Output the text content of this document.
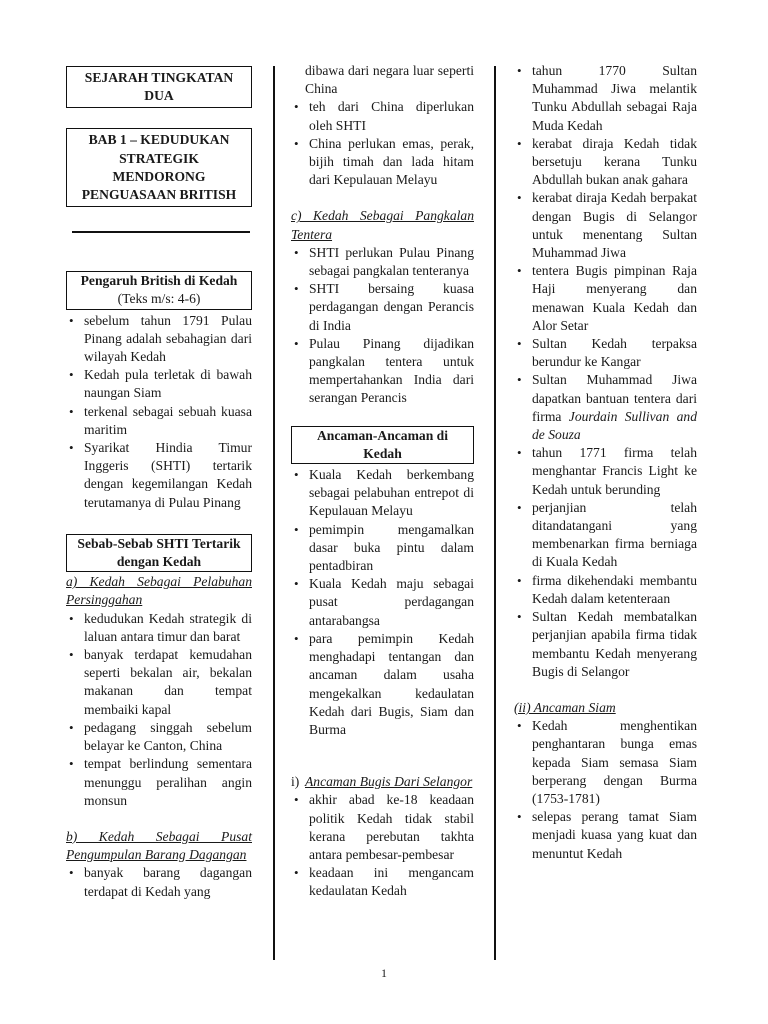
SEJARAH TINGKATAN DUA
BAB 1 – KEDUDUKAN STRATEGIK MENDORONG PENGUASAAN BRITISH
Pengaruh British di Kedah
(Teks m/s: 4-6)
• sebelum tahun 1791 Pulau Pinang adalah sebahagian dari wilayah Kedah
• Kedah pula terletak di bawah naungan Siam
• terkenal sebagai sebuah kuasa maritim
• Syarikat Hindia Timur Inggeris (SHTI) tertarik dengan kegemilangan Kedah terutamanya di Pulau Pinang
Sebab-Sebab SHTI Tertarik dengan Kedah
a) Kedah Sebagai Pelabuhan Persinggahan
• kedudukan Kedah strategik di laluan antara timur dan barat
• banyak terdapat kemudahan seperti bekalan air, bekalan makanan dan tempat membaiki kapal
• pedagang singgah sebelum belayar ke Canton, China
• tempat berlindung sementara menunggu peralihan angin monsun
b) Kedah Sebagai Pusat Pengumpulan Barang Dagangan
• banyak barang dagangan terdapat di Kedah yang
dibawa dari negara luar seperti China
• teh dari China diperlukan oleh SHTI
• China perlukan emas, perak, bijih timah dan lada hitam dari Kepulauan Melayu
c) Kedah Sebagai Pangkalan Tentera
• SHTI perlukan Pulau Pinang sebagai pangkalan tenteranya
• SHTI bersaing kuasa perdagangan dengan Perancis di India
• Pulau Pinang dijadikan pangkalan tentera untuk mempertahankan India dari serangan Perancis
Ancaman-Ancaman di Kedah
• Kuala Kedah berkembang sebagai pelabuhan entrepot di Kepulauan Melayu
• pemimpin mengamalkan dasar buka pintu dalam pentadbiran
• Kuala Kedah maju sebagai pusat perdagangan antarabangsa
• para pemimpin Kedah menghadapi tentangan dan ancaman dalam usaha mengekalkan kedaulatan Kedah dari Bugis, Siam dan Burma
i) Ancaman Bugis Dari Selangor
• akhir abad ke-18 keadaan politik Kedah tidak stabil kerana perebutan takhta antara pembesar-pembesar
• keadaan ini mengancam kedaulatan Kedah
• tahun 1770 Sultan Muhammad Jiwa melantik Tunku Abdullah sebagai Raja Muda Kedah
• kerabat diraja Kedah tidak bersetuju kerana Tunku Abdullah bukan anak gahara
• kerabat diraja Kedah berpakat dengan Bugis di Selangor untuk menentang Sultan Muhammad Jiwa
• tentera Bugis pimpinan Raja Haji menyerang dan menawan Kuala Kedah dan Alor Setar
• Sultan Kedah terpaksa berundur ke Kangar
• Sultan Muhammad Jiwa dapatkan bantuan tentera dari firma Jourdain Sullivan and de Souza
• tahun 1771 firma telah menghantar Francis Light ke Kedah untuk berunding
• perjanjian telah ditandatangani yang membenarkan firma berniaga di Kuala Kedah
• firma dikehendaki membantu Kedah dalam ketenteraan
• Sultan Kedah membatalkan perjanjian apabila firma tidak membantu Kedah menyerang Bugis di Selangor
(ii) Ancaman Siam
• Kedah menghentikan penghantaran bunga emas kepada Siam semasa Siam berperang dengan Burma (1753-1781)
• selepas perang tamat Siam menjadi kuasa yang kuat dan menuntut Kedah
1
